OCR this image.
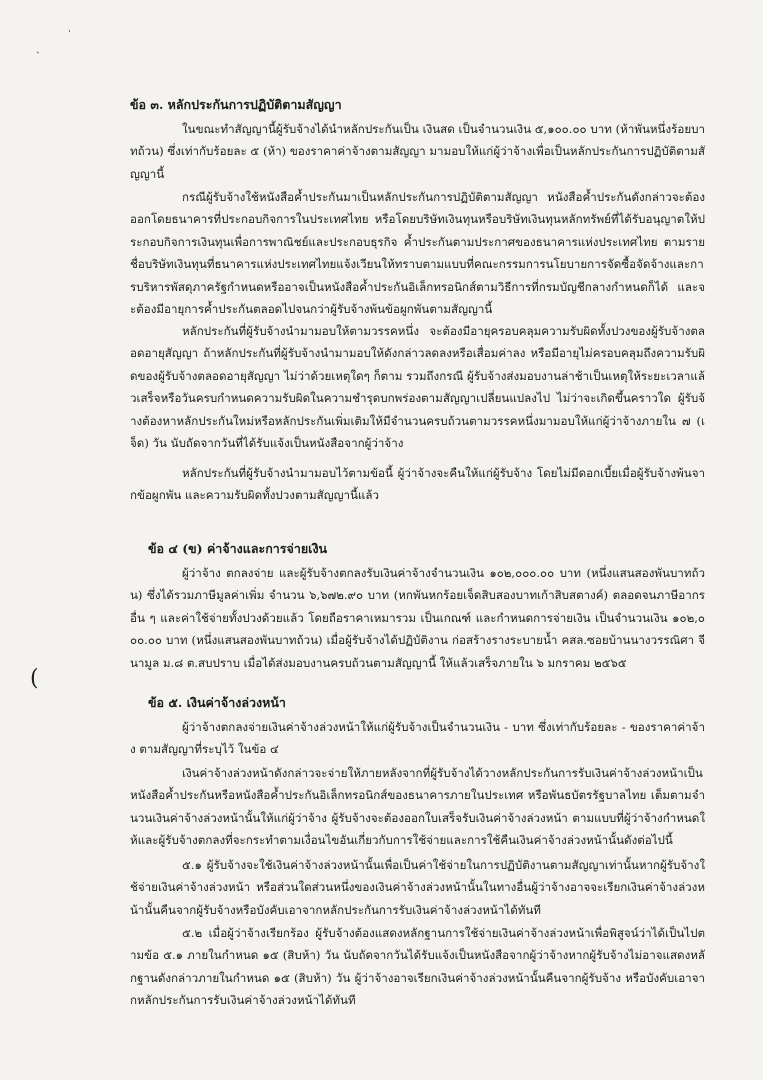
ˎ
ˈ
ข้อ ๓. หลักประกันการปฏิบัติตามสัญญา

ในขณะทำสัญญานี้ผู้รับจ้างได้นำหลักประกันเป็น เงินสด เป็นจำนวนเงิน ๕,๑๐๐.๐๐ บาท (ห้าพันหนึ่งร้อยบาทถ้วน) ซึ่งเท่ากับร้อยละ ๕ (ห้า) ของราคาค่าจ้างตามสัญญา มามอบให้แก่ผู้ว่าจ้างเพื่อเป็นหลักประกันการปฏิบัติตามสัญญานี้

กรณีผู้รับจ้างใช้หนังสือค้ำประกันมาเป็นหลักประกันการปฏิบัติตามสัญญา หนังสือค้ำประกันดังกล่าวจะต้องออกโดยธนาคารที่ประกอบกิจการในประเทศไทย หรือโดยบริษัทเงินทุนหรือบริษัทเงินทุนหลักทรัพย์ที่ได้รับอนุญาตให้ประกอบกิจการเงินทุนเพื่อการพาณิชย์และประกอบธุรกิจ ค้ำประกันตามประกาศของธนาคารแห่งประเทศไทย ตามรายชื่อบริษัทเงินทุนที่ธนาคารแห่งประเทศไทยแจ้งเวียนให้ทราบตามแบบที่คณะกรรมการนโยบายการจัดซื้อจัดจ้างและการบริหารพัสดุภาครัฐกำหนดหรืออาจเป็นหนังสือค้ำประกันอิเล็กทรอนิกส์ตามวิธีการที่กรมบัญชีกลางกำหนดก็ได้ และจะต้องมีอายุการค้ำประกันตลอดไปจนกว่าผู้รับจ้างพ้นข้อผูกพันตามสัญญานี้

หลักประกันที่ผู้รับจ้างนำมามอบให้ตามวรรคหนึ่ง จะต้องมีอายุครอบคลุมความรับผิดทั้งปวงของผู้รับจ้างตลอดอายุสัญญา ถ้าหลักประกันที่ผู้รับจ้างนำมามอบให้ดังกล่าวลดลงหรือเสื่อมค่าลง หรือมีอายุไม่ครอบคลุมถึงความรับผิดของผู้รับจ้างตลอดอายุสัญญา ไม่ว่าด้วยเหตุใดๆ ก็ตาม รวมถึงกรณี ผู้รับจ้างส่งมอบงานล่าช้าเป็นเหตุให้ระยะเวลาแล้วเสร็จหรือวันครบกำหนดความรับผิดในความชำรุดบกพร่องตามสัญญาเปลี่ยนแปลงไป ไม่ว่าจะเกิดขึ้นคราวใด ผู้รับจ้างต้องหาหลักประกันใหม่หรือหลักประกันเพิ่มเติมให้มีจำนวนครบถ้วนตามวรรคหนึ่งมามอบให้แก่ผู้ว่าจ้างภายใน ๗ (เจ็ด) วัน นับถัดจากวันที่ได้รับแจ้งเป็นหนังสือจากผู้ว่าจ้าง

หลักประกันที่ผู้รับจ้างนำมามอบไว้ตามข้อนี้ ผู้ว่าจ้างจะคืนให้แก่ผู้รับจ้าง โดยไม่มีดอกเบี้ยเมื่อผู้รับจ้างพ้นจากข้อผูกพัน และความรับผิดทั้งปวงตามสัญญานี้แล้ว

ข้อ ๔ (ข) ค่าจ้างและการจ่ายเงิน

ผู้ว่าจ้าง ตกลงจ่าย และผู้รับจ้างตกลงรับเงินค่าจ้างจำนวนเงิน ๑๐๒,๐๐๐.๐๐ บาท (หนึ่งแสนสองพันบาทถ้วน) ซึ่งได้รวมภาษีมูลค่าเพิ่ม จำนวน ๖,๖๗๒.๙๐ บาท (หกพันหกร้อยเจ็ดสิบสองบาทเก้าสิบสตางค์) ตลอดจนภาษีอากรอื่น ๆ และค่าใช้จ่ายทั้งปวงด้วยแล้ว โดยถือราคาเหมารวม เป็นเกณฑ์ และกำหนดการจ่ายเงิน เป็นจำนวนเงิน ๑๐๒,๐๐๐.๐๐ บาท (หนึ่งแสนสองพันบาทถ้วน) เมื่อผู้รับจ้างได้ปฏิบัติงาน ก่อสร้างรางระบายน้ำ คสล.ซอยบ้านนางวรรณิศา จีนามูล ม.๘ ต.สบปราบ เมื่อได้ส่งมอบงานครบถ้วนตามสัญญานี้ ให้แล้วเสร็จภายใน ๖ มกราคม ๒๕๖๕

(
ข้อ ๕. เงินค่าจ้างล่วงหน้า

ผู้ว่าจ้างตกลงจ่ายเงินค่าจ้างล่วงหน้าให้แก่ผู้รับจ้างเป็นจำนวนเงิน - บาท ซึ่งเท่ากับร้อยละ - ของราคาค่าจ้าง ตามสัญญาที่ระบุไว้ ในข้อ ๔

เงินค่าจ้างล่วงหน้าดังกล่าวจะจ่ายให้ภายหลังจากที่ผู้รับจ้างได้วางหลักประกันการรับเงินค่าจ้างล่วงหน้าเป็นหนังสือค้ำประกันหรือหนังสือค้ำประกันอิเล็กทรอนิกส์ของธนาคารภายในประเทศ หรือพันธบัตรรัฐบาลไทย เต็มตามจำนวนเงินค่าจ้างล่วงหน้านั้นให้แก่ผู้ว่าจ้าง ผู้รับจ้างจะต้องออกใบเสร็จรับเงินค่าจ้างล่วงหน้า ตามแบบที่ผู้ว่าจ้างกำหนดให้และผู้รับจ้างตกลงที่จะกระทำตามเงื่อนไขอันเกี่ยวกับการใช้จ่ายและการใช้คืนเงินค่าจ้างล่วงหน้านั้นดังต่อไปนี้

๕.๑ ผู้รับจ้างจะใช้เงินค่าจ้างล่วงหน้านั้นเพื่อเป็นค่าใช้จ่ายในการปฏิบัติงานตามสัญญาเท่านั้นหากผู้รับจ้างใช้จ่ายเงินค่าจ้างล่วงหน้า หรือส่วนใดส่วนหนึ่งของเงินค่าจ้างล่วงหน้านั้นในทางอื่นผู้ว่าจ้างอาจจะเรียกเงินค่าจ้างล่วงหน้านั้นคืนจากผู้รับจ้างหรือบังคับเอาจากหลักประกันการรับเงินค่าจ้างล่วงหน้าได้ทันที

๕.๒ เมื่อผู้ว่าจ้างเรียกร้อง ผู้รับจ้างต้องแสดงหลักฐานการใช้จ่ายเงินค่าจ้างล่วงหน้าเพื่อพิสูจน์ว่าได้เป็นไปตามข้อ ๕.๑ ภายในกำหนด ๑๕ (สิบห้า) วัน นับถัดจากวันได้รับแจ้งเป็นหนังสือจากผู้ว่าจ้างหากผู้รับจ้างไม่อาจแสดงหลักฐานดังกล่าวภายในกำหนด ๑๕ (สิบห้า) วัน ผู้ว่าจ้างอาจเรียกเงินค่าจ้างล่วงหน้านั้นคืนจากผู้รับจ้าง หรือบังคับเอาจากหลักประกันการรับเงินค่าจ้างล่วงหน้าได้ทันที
